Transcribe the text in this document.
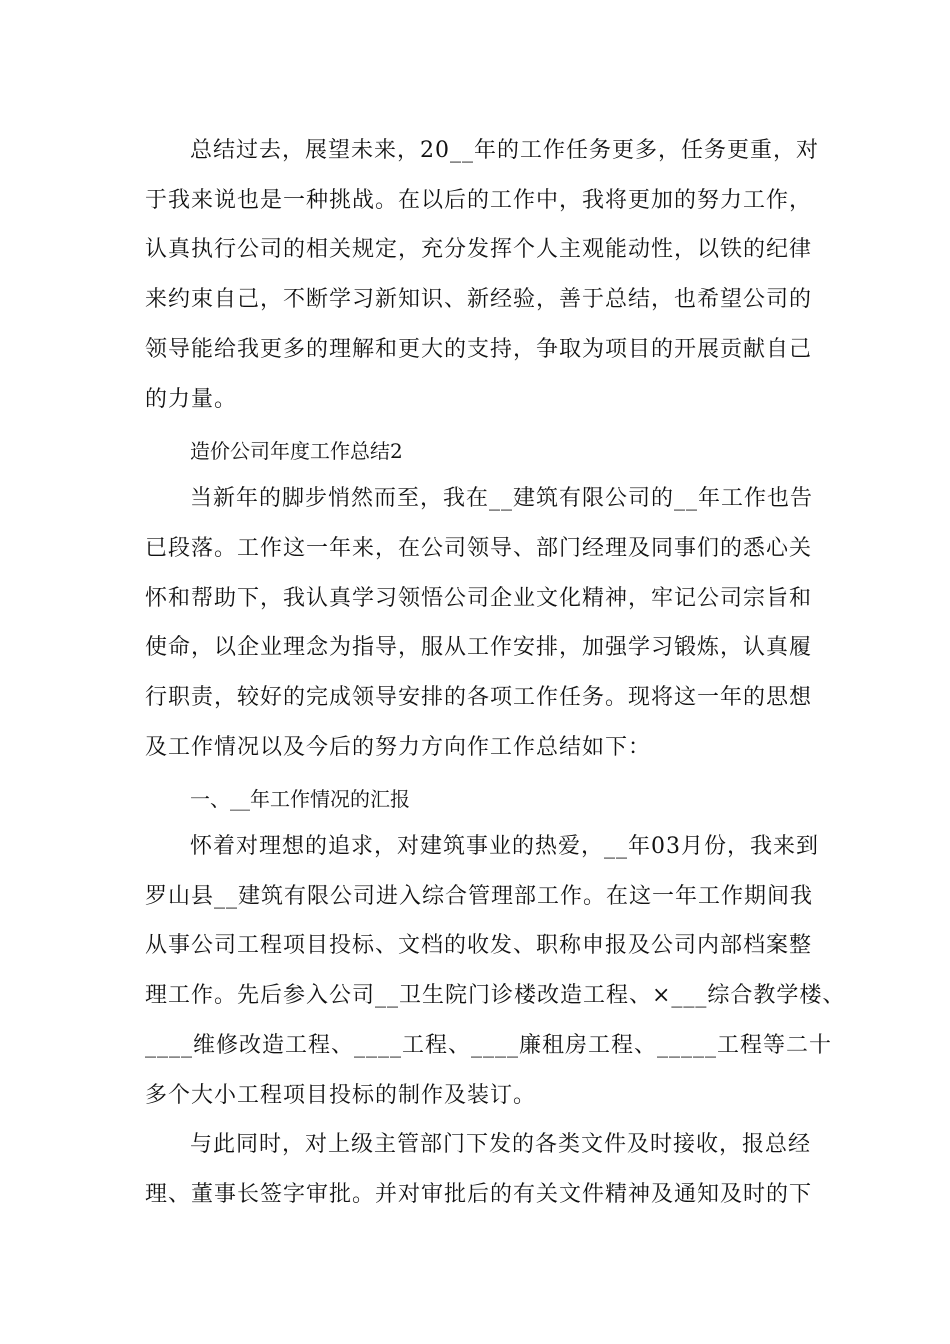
总结过去，展望未来，20__年的工作任务更多，任务更重，对
于我来说也是一种挑战。在以后的工作中，我将更加的努力工作，
认真执行公司的相关规定，充分发挥个人主观能动性，以铁的纪律
来约束自己，不断学习新知识、新经验，善于总结，也希望公司的
领导能给我更多的理解和更大的支持，争取为项目的开展贡献自己
的力量。
造价公司年度工作总结2
当新年的脚步悄然而至，我在__建筑有限公司的__年工作也告
已段落。工作这一年来，在公司领导、部门经理及同事们的悉心关
怀和帮助下，我认真学习领悟公司企业文化精神，牢记公司宗旨和
使命，以企业理念为指导，服从工作安排，加强学习锻炼，认真履
行职责，较好的完成领导安排的各项工作任务。现将这一年的思想
及工作情况以及今后的努力方向作工作总结如下：
一、__年工作情况的汇报
怀着对理想的追求，对建筑事业的热爱，__年03月份，我来到
罗山县__建筑有限公司进入综合管理部工作。在这一年工作期间我
从事公司工程项目投标、文档的收发、职称申报及公司内部档案整
理工作。先后参入公司__卫生院门诊楼改造工程、×___综合教学楼、
____维修改造工程、____工程、____廉租房工程、_____工程等二十
多个大小工程项目投标的制作及装订。
与此同时，对上级主管部门下发的各类文件及时接收，报总经
理、董事长签字审批。并对审批后的有关文件精神及通知及时的下
